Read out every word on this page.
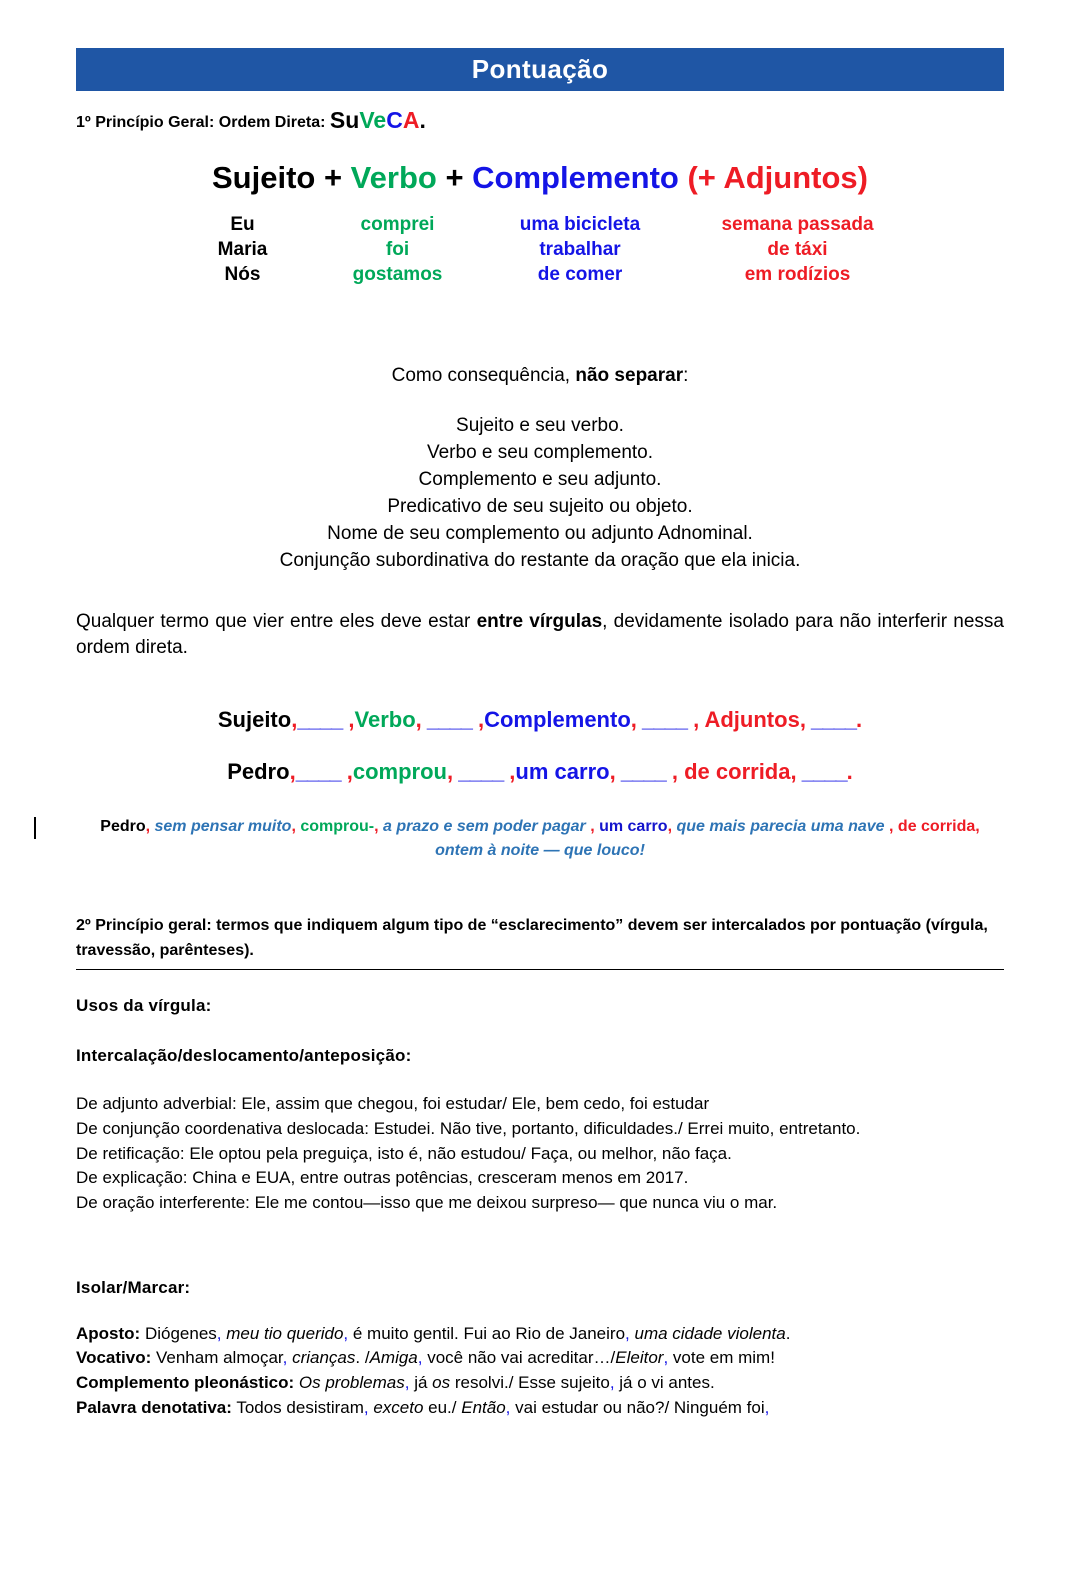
Pontuação
1º Princípio Geral: Ordem Direta: SuVeCA.
Sujeito + Verbo + Complemento (+ Adjuntos)
Eu
Maria
Nós
comprei
foi
gostamos
uma bicicleta
trabalhar
de comer
semana passada
de táxi
em rodízios
Como consequência, não separar:
Sujeito e seu verbo.
Verbo e seu complemento.
Complemento e seu adjunto.
Predicativo de seu sujeito ou objeto.
Nome de seu complemento ou adjunto Adnominal.
Conjunção subordinativa do restante da oração que ela inicia.
Qualquer termo que vier entre eles deve estar entre vírgulas, devidamente isolado para não interferir nessa ordem direta.
Sujeito,____ ,Verbo, ____ ,Complemento, ____ , Adjuntos, ____.
Pedro,____ ,comprou, ____ ,um carro, ____ , de corrida, ____.
Pedro, sem pensar muito, comprou-, a prazo e sem poder pagar , um carro, que mais parecia uma nave , de corrida, ontem à noite — que louco!
2º Princípio geral: termos que indiquem algum tipo de “esclarecimento” devem ser intercalados por pontuação (vírgula, travessão, parênteses).
Usos da vírgula:
Intercalação/deslocamento/anteposição:
De adjunto adverbial: Ele, assim que chegou, foi estudar/ Ele, bem cedo, foi estudar
De conjunção coordenativa deslocada: Estudei. Não tive, portanto, dificuldades./ Errei muito, entretanto.
De retificação: Ele optou pela preguiça, isto é, não estudou/ Faça, ou melhor, não faça.
De explicação: China e EUA, entre outras potências, cresceram menos em 2017.
De oração interferente: Ele me contou—isso que me deixou surpreso— que nunca viu o mar.
Isolar/Marcar:
Aposto: Diógenes, meu tio querido, é muito gentil. Fui ao Rio de Janeiro, uma cidade violenta.
Vocativo: Venham almoçar, crianças. /Amiga, você não vai acreditar…/Eleitor, vote em mim!
Complemento pleonástico: Os problemas, já os resolvi./ Esse sujeito, já o vi antes.
Palavra denotativa: Todos desistiram, exceto eu./ Então, vai estudar ou não?/ Ninguém foi,
